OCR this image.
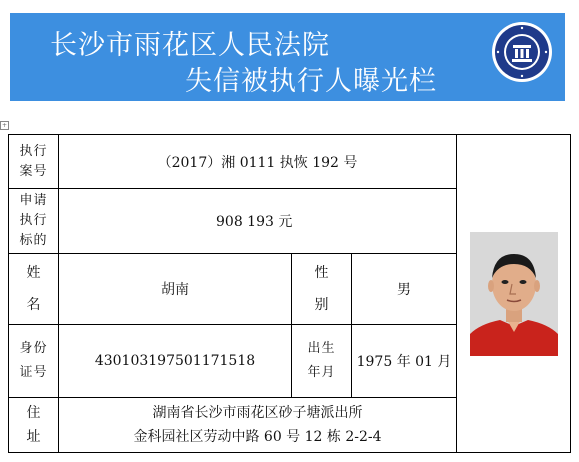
长沙市雨花区人民法院
失信被执行人曝光栏
+
执行案号	（2017）湘 0111 执恢 192 号	

申请执行标的	908 193 元			

姓名	胡南	性别	男	

身份证号	430103197501171518	出生年月	1975 年 01 月	

住址	湖南省长沙市雨花区砂子塘派出所
金科园社区劳动中路 60 号 12 栋 2-2-4			
